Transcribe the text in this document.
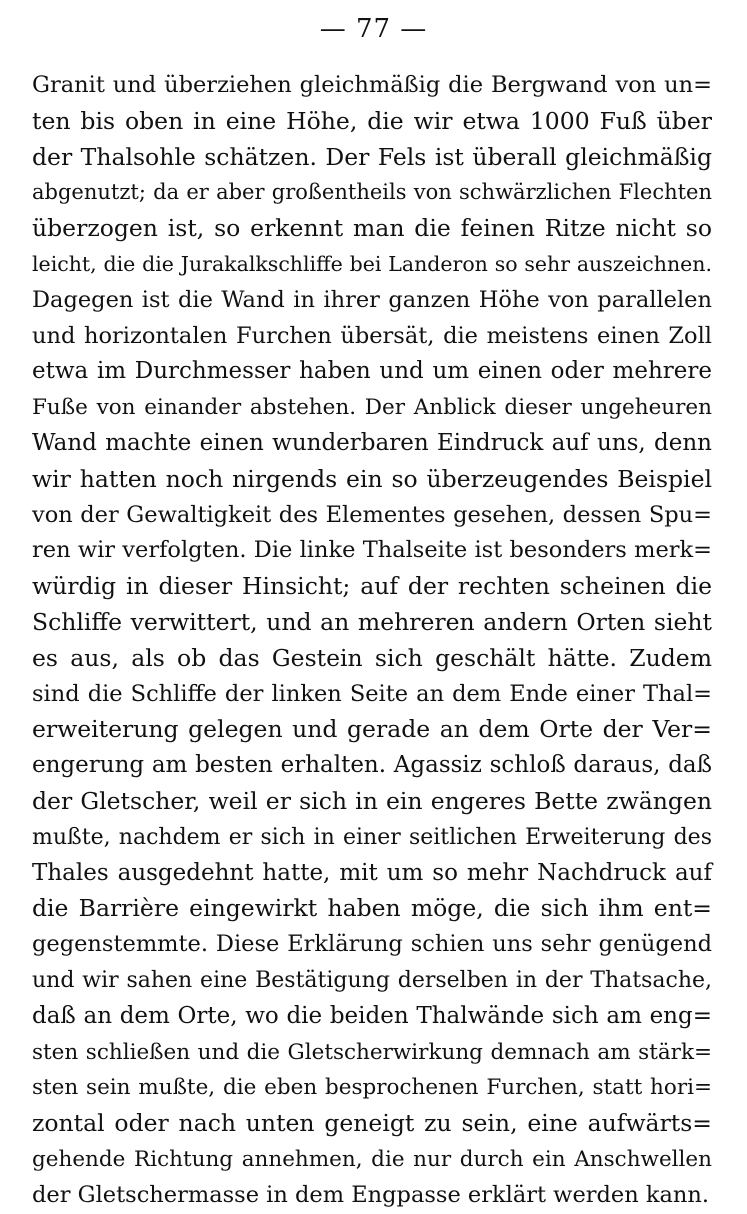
— 77 —
Granit und überziehen gleichmäßig die Bergwand von un=
ten bis oben in eine Höhe, die wir etwa 1000 Fuß über
der Thalsohle schätzen. Der Fels ist überall gleichmäßig
abgenutzt; da er aber großentheils von schwärzlichen Flechten
überzogen ist, so erkennt man die feinen Ritze nicht so
leicht, die die Jurakalkschliffe bei Landeron so sehr auszeichnen.
Dagegen ist die Wand in ihrer ganzen Höhe von parallelen
und horizontalen Furchen übersät, die meistens einen Zoll
etwa im Durchmesser haben und um einen oder mehrere
Fuße von einander abstehen. Der Anblick dieser ungeheuren
Wand machte einen wunderbaren Eindruck auf uns, denn
wir hatten noch nirgends ein so überzeugendes Beispiel
von der Gewaltigkeit des Elementes gesehen, dessen Spu=
ren wir verfolgten. Die linke Thalseite ist besonders merk=
würdig in dieser Hinsicht; auf der rechten scheinen die
Schliffe verwittert, und an mehreren andern Orten sieht
es aus, als ob das Gestein sich geschält hätte. Zudem
sind die Schliffe der linken Seite an dem Ende einer Thal=
erweiterung gelegen und gerade an dem Orte der Ver=
engerung am besten erhalten. Agassiz schloß daraus, daß
der Gletscher, weil er sich in ein engeres Bette zwängen
mußte, nachdem er sich in einer seitlichen Erweiterung des
Thales ausgedehnt hatte, mit um so mehr Nachdruck auf
die Barrière eingewirkt haben möge, die sich ihm ent=
gegenstemmte. Diese Erklärung schien uns sehr genügend
und wir sahen eine Bestätigung derselben in der Thatsache,
daß an dem Orte, wo die beiden Thalwände sich am eng=
sten schließen und die Gletscherwirkung demnach am stärk=
sten sein mußte, die eben besprochenen Furchen, statt hori=
zontal oder nach unten geneigt zu sein, eine aufwärts=
gehende Richtung annehmen, die nur durch ein Anschwellen
der Gletschermasse in dem Engpasse erklärt werden kann.
